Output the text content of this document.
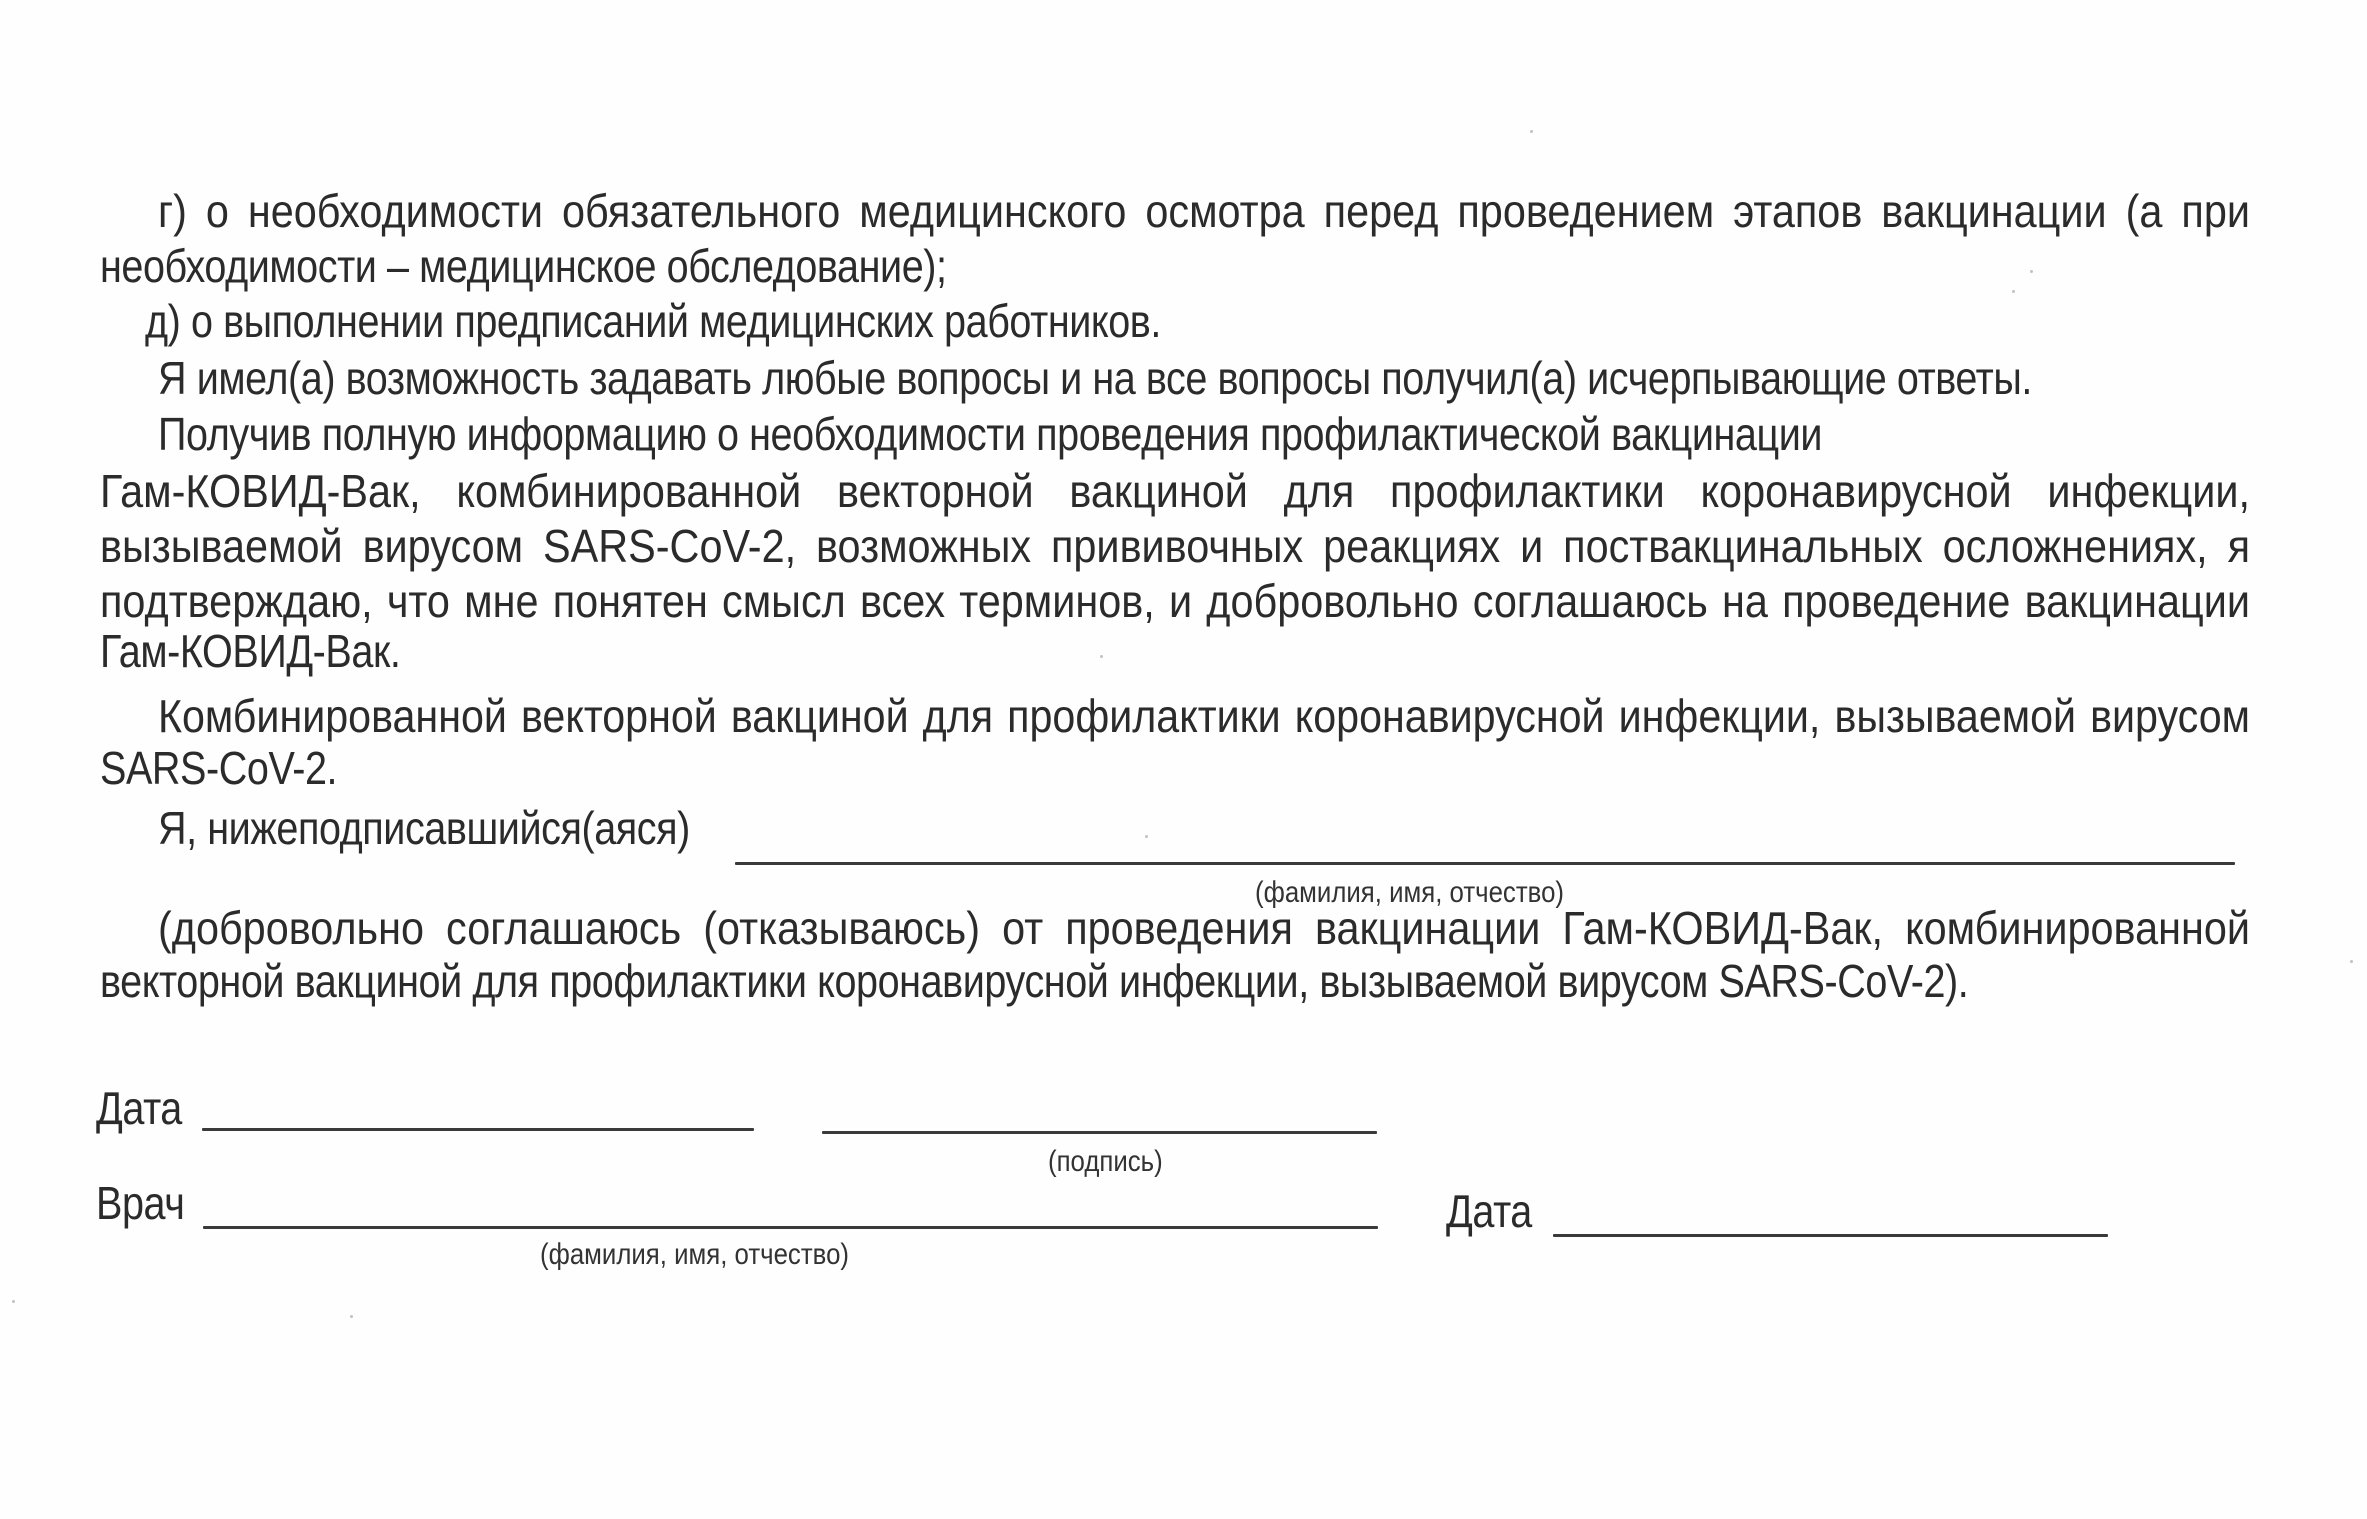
г) о необходимости обязательного медицинского осмотра перед проведением этапов вакцинации (а при
необходимости – медицинское обследование);
д) о выполнении предписаний медицинских работников.
Я имел(а) возможность задавать любые вопросы и на все вопросы получил(а) исчерпывающие ответы.
Получив полную информацию о необходимости проведения профилактической вакцинации
Гам-КОВИД-Вак, комбинированной векторной вакциной для профилактики коронавирусной инфекции,
вызываемой вирусом SARS-CoV-2, возможных прививочных реакциях и поствакцинальных осложнениях, я
подтверждаю, что мне понятен смысл всех терминов, и добровольно соглашаюсь на проведение вакцинации
Гам-КОВИД-Вак.
Комбинированной векторной вакциной для профилактики коронавирусной инфекции, вызываемой вирусом
SARS-CoV-2.
Я, нижеподписавшийся(аяся)
(фамилия, имя, отчество)
(добровольно соглашаюсь (отказываюсь) от проведения вакцинации Гам-КОВИД-Вак, комбинированной
векторной вакциной для профилактики коронавирусной инфекции, вызываемой вирусом SARS-CoV-2).
Дата
(подпись)
Врач
(фамилия, имя, отчество)
Дата
